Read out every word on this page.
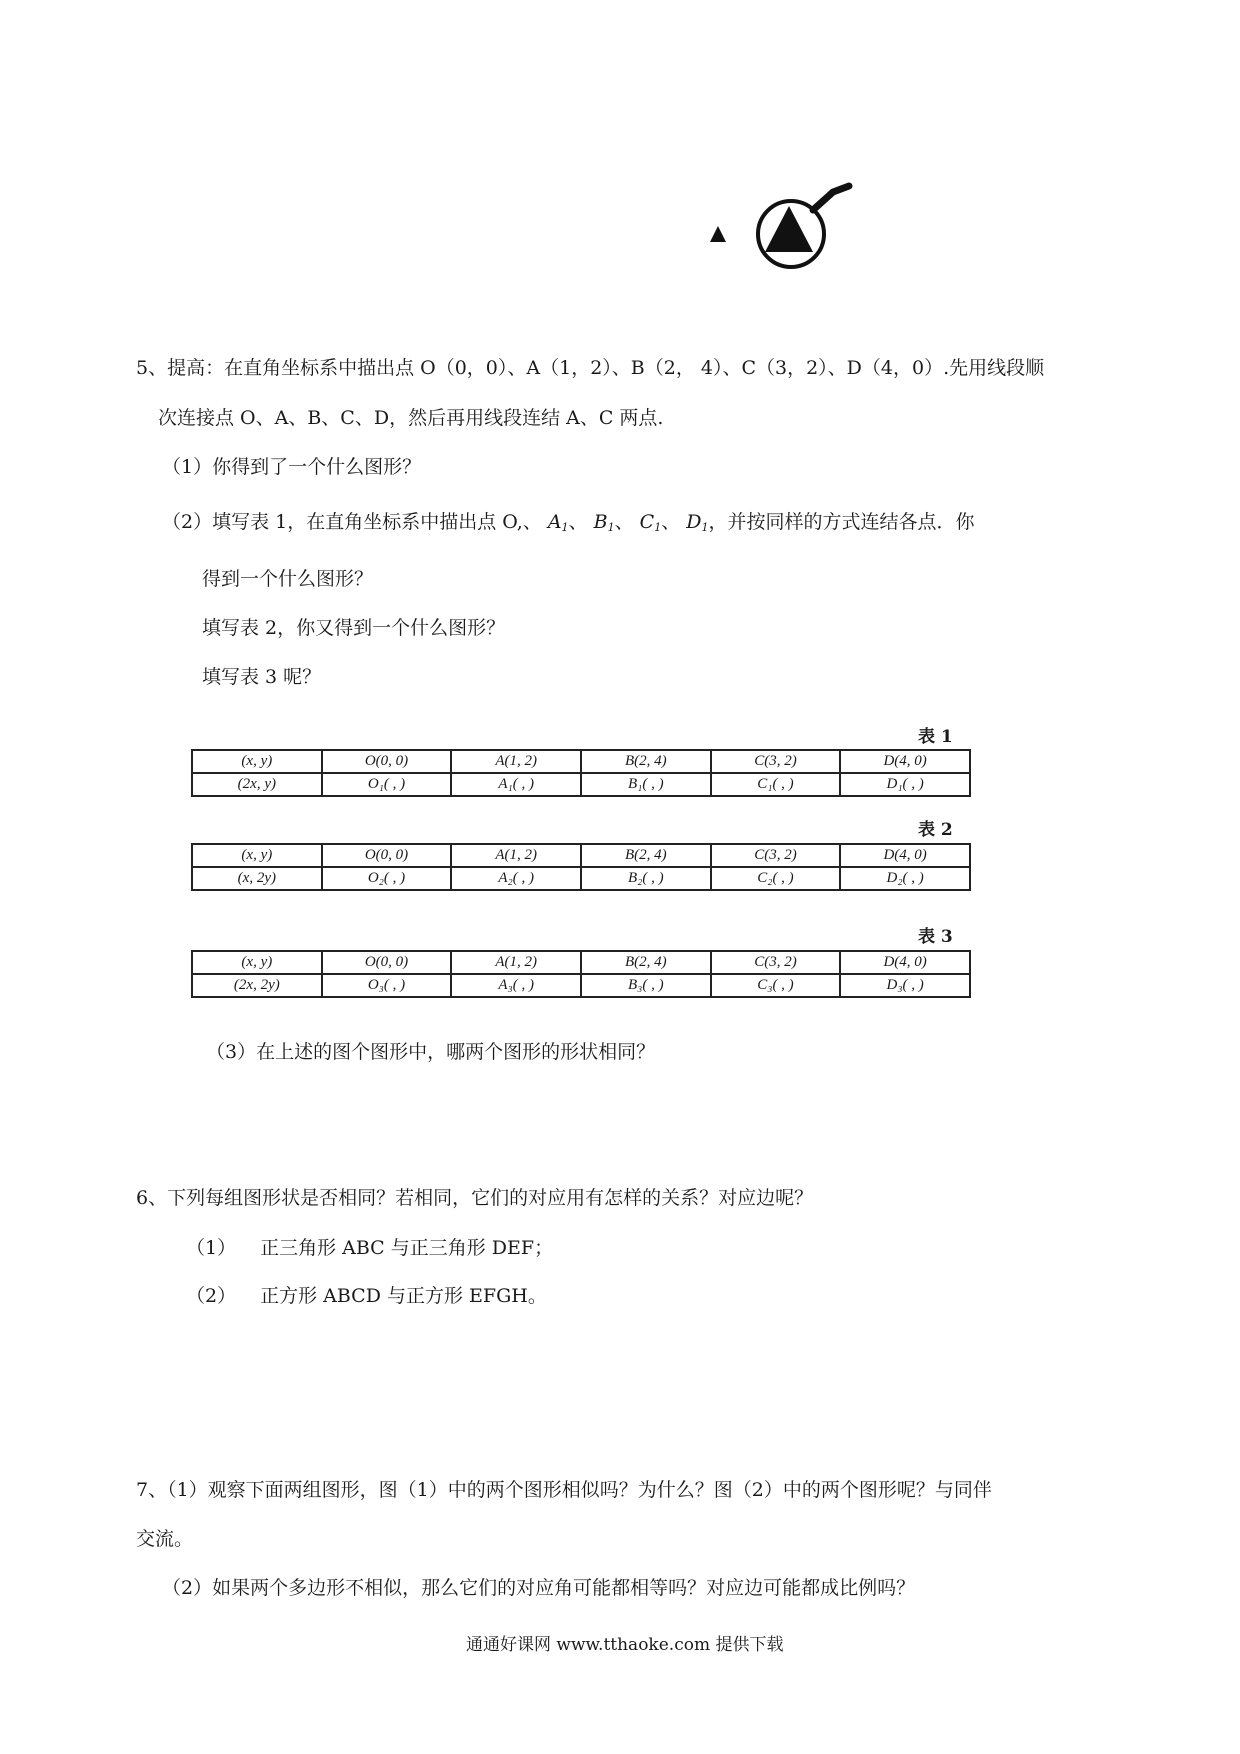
5、提高：在直角坐标系中描出点 O（0，0）、A（1，2）、B（2， 4）、C（3，2）、D（4，0）.先用线段顺
次连接点 O、A、B、C、D，然后再用线段连结 A、C 两点.
（1）你得到了一个什么图形？
（2）填写表 1，在直角坐标系中描出点 O,、 $A_1$、 $B_1$、 $C_1$、 $D_1$，并按同样的方式连结各点．你
得到一个什么图形？
填写表 2，你又得到一个什么图形？
填写表 3 呢？
表 1
(x, y)	O(0, 0)	A(1, 2)	B(2, 4)	C(3, 2)	D(4, 0)
(2x, y)	O₁( , )	A₁( , )	B₁( , )	C₁( , )	D₁( , )
表 2
(x, y)	O(0, 0)	A(1, 2)	B(2, 4)	C(3, 2)	D(4, 0)
(x, 2y)	O₂( , )	A₂( , )	B₂( , )	C₂( , )	D₂( , )
表 3
(x, y)	O(0, 0)	A(1, 2)	B(2, 4)	C(3, 2)	D(4, 0)
(2x, 2y)	O₃( , )	A₃( , )	B₃( , )	C₃( , )	D₃( , )
（3）在上述的图个图形中，哪两个图形的形状相同？
6、下列每组图形状是否相同？若相同，它们的对应用有怎样的关系？对应边呢？
（1） 正三角形 ABC 与正三角形 DEF；
（2） 正方形 ABCD 与正方形 EFGH。
7、（1）观察下面两组图形，图（1）中的两个图形相似吗？为什么？图（2）中的两个图形呢？与同伴
交流。
（2）如果两个多边形不相似，那么它们的对应角可能都相等吗？对应边可能都成比例吗？
通通好课网 www.tthaoke.com 提供下载
